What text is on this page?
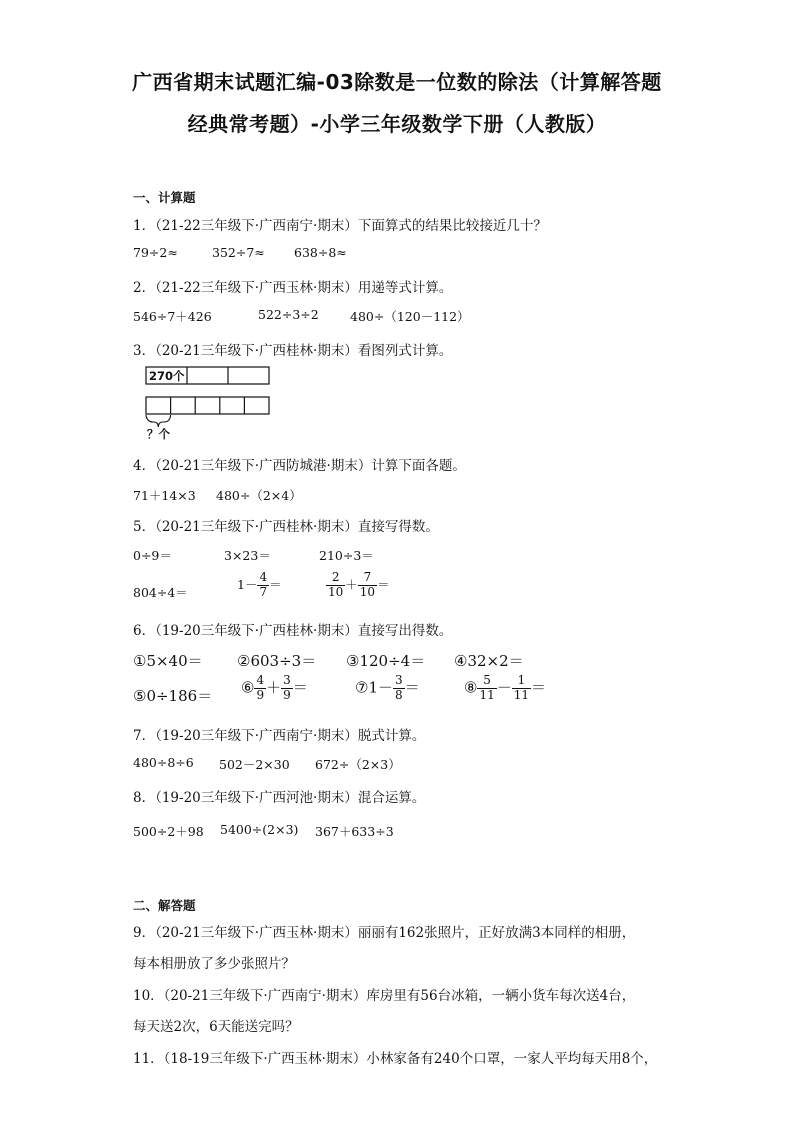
广西省期末试题汇编-03除数是一位数的除法（计算解答题
经典常考题）-小学三年级数学下册（人教版）
一、计算题
1．（21-22三年级下·广西南宁·期末）下面算式的结果比较接近几十？
79÷2≈	352÷7≈ 638÷8≈
2．（21-22三年级下·广西玉林·期末）用递等式计算。
546÷7＋426	522÷3÷2	480÷（120－112）
3．（20-21三年级下·广西桂林·期末）看图列式计算。
270个
？个
4．（20-21三年级下·广西防城港·期末）计算下面各题。
71＋14×3 480÷（2×4）
5．（20-21三年级下·广西桂林·期末）直接写得数。
0÷9＝	3×23＝	210÷3＝
804÷4＝
$1- \frac{4}{7}$ ＝	$\frac{2}{10} + \frac{7}{10}$ ＝
6．（19-20三年级下·广西桂林·期末）直接写出得数。
①5×40＝ ②603÷3＝ ③120÷4＝ ④32×2＝
⑤0÷186＝ ⑥ $\frac{4}{9} + \frac{3}{9}$ ＝	⑦1－ $\frac{3}{8}$ ＝	⑧ $\frac{5}{11} - \frac{1}{11}$ ＝
7．（19-20三年级下·广西南宁·期末）脱式计算。
480÷8÷6 502－2×30 672÷（2×3）
8．（19-20三年级下·广西河池·期末）混合运算。
500÷2＋98 5400÷(2×3) 367＋633÷3
二、解答题
9．（20-21三年级下·广西玉林·期末）丽丽有162张照片，正好放满3本同样的相册，
每本相册放了多少张照片？
10．（20-21三年级下·广西南宁·期末）库房里有56台冰箱，一辆小货车每次送4台，
每天送2次，6天能送完吗？
11．（18-19三年级下·广西玉林·期末）小林家备有240个口罩，一家人平均每天用8个，
